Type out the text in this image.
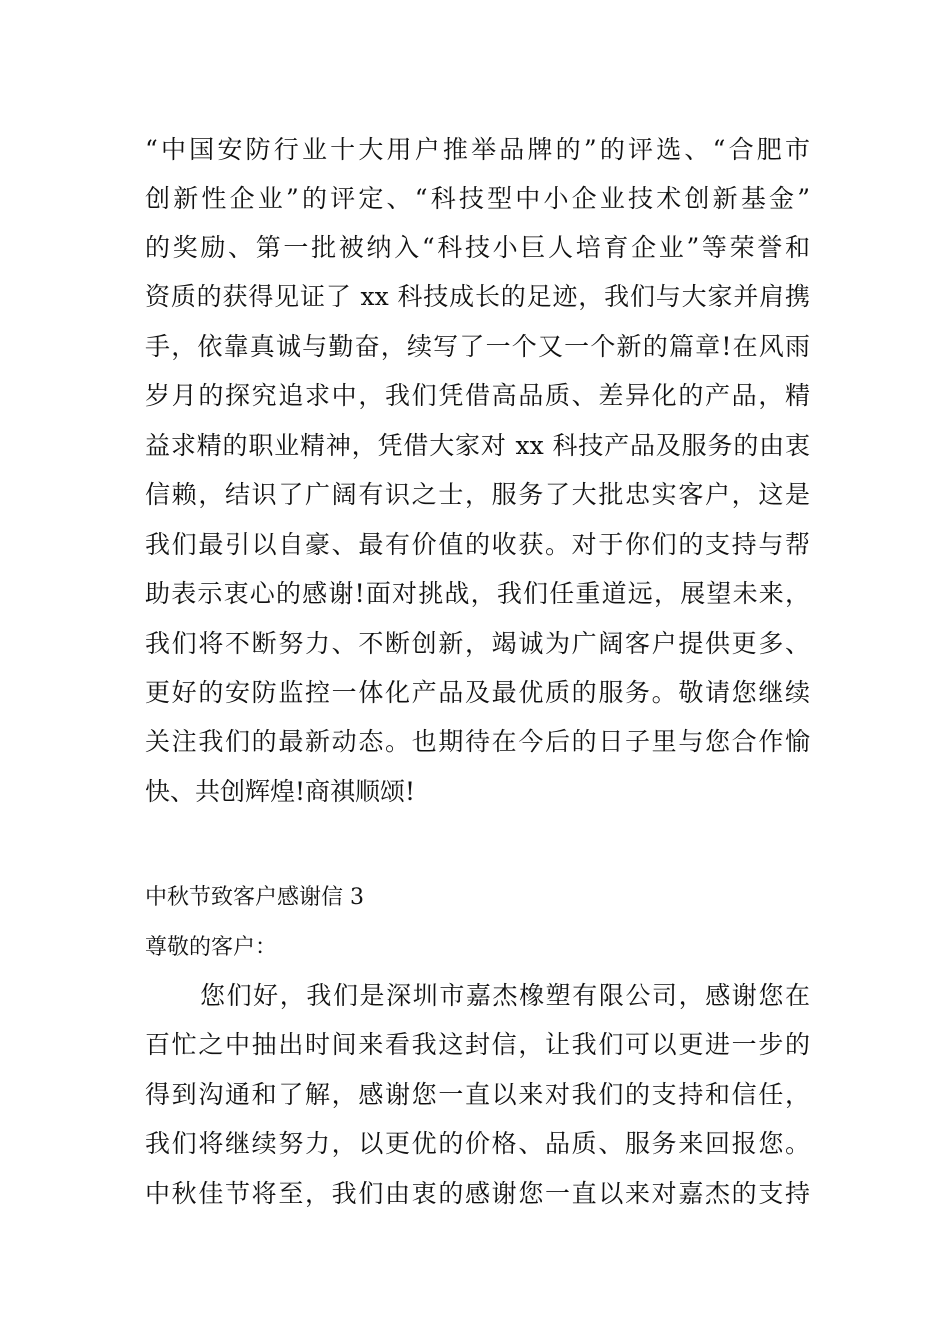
“中国安防行业十大用户推举品牌的”的评选、“合肥市
创新性企业”的评定、“科技型中小企业技术创新基金”
的奖励、第一批被纳入“科技小巨人培育企业”等荣誉和
资质的获得见证了 xx 科技成长的足迹，我们与大家并肩携
手，依靠真诚与勤奋，续写了一个又一个新的篇章!在风雨
岁月的探究追求中，我们凭借高品质、差异化的产品，精
益求精的职业精神，凭借大家对 xx 科技产品及服务的由衷
信赖，结识了广阔有识之士，服务了大批忠实客户，这是
我们最引以自豪、最有价值的收获。对于你们的支持与帮
助表示衷心的感谢!面对挑战，我们任重道远，展望未来，
我们将不断努力、不断创新，竭诚为广阔客户提供更多、
更好的安防监控一体化产品及最优质的服务。敬请您继续
关注我们的最新动态。也期待在今后的日子里与您合作愉
快、共创辉煌!商祺顺颂!
中秋节致客户感谢信 3
尊敬的客户：
您们好，我们是深圳市嘉杰橡塑有限公司，感谢您在
百忙之中抽出时间来看我这封信，让我们可以更进一步的
得到沟通和了解，感谢您一直以来对我们的支持和信任，
我们将继续努力，以更优的价格、品质、服务来回报您。
中秋佳节将至，我们由衷的感谢您一直以来对嘉杰的支持
